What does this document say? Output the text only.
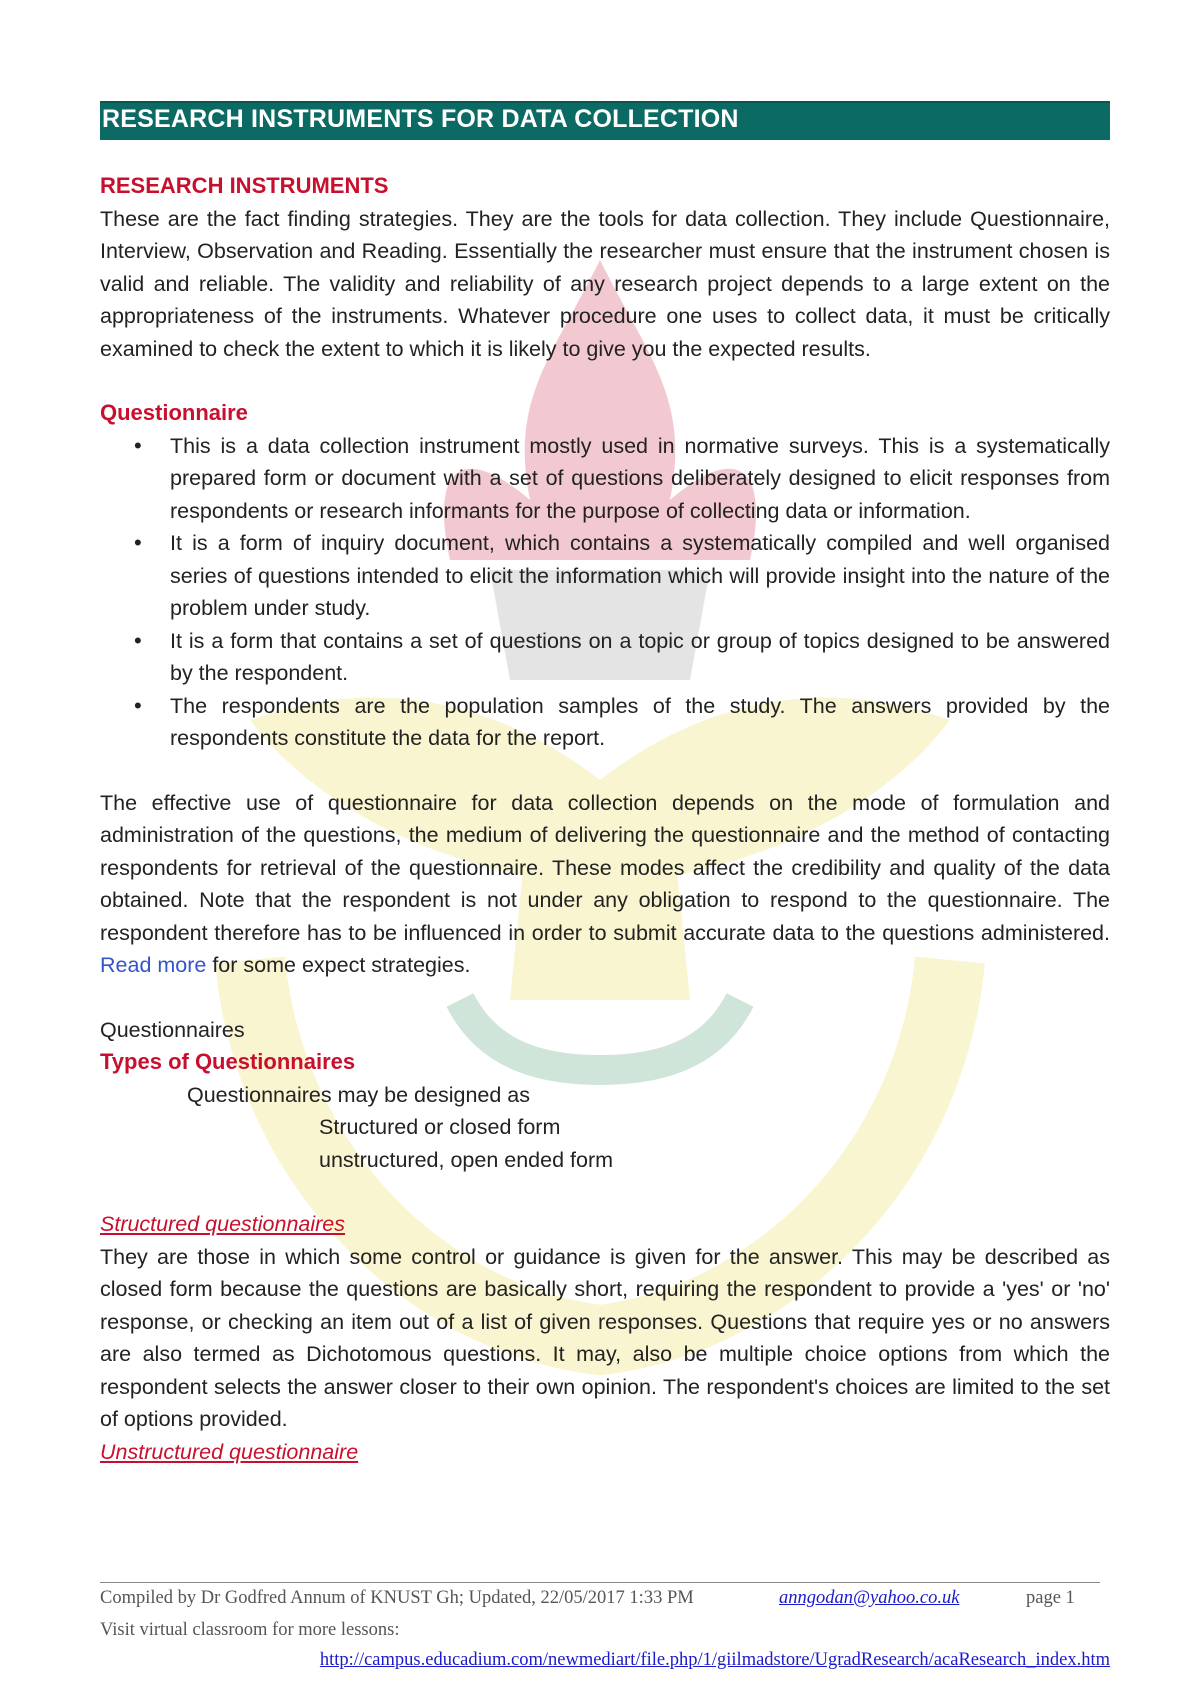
RESEARCH INSTRUMENTS FOR DATA COLLECTION
RESEARCH INSTRUMENTS

These are the fact finding strategies. They are the tools for data collection. They include Questionnaire, Interview, Observation and Reading. Essentially the researcher must ensure that the instrument chosen is valid and reliable. The validity and reliability of any research project depends to a large extent on the appropriateness of the instruments. Whatever procedure one uses to collect data, it must be critically examined to check the extent to which it is likely to give you the expected results.

Questionnaire
• This is a data collection instrument mostly used in normative surveys. This is a systematically prepared form or document with a set of questions deliberately designed to elicit responses from respondents or research informants for the purpose of collecting data or information.
• It is a form of inquiry document, which contains a systematically compiled and well organised series of questions intended to elicit the information which will provide insight into the nature of the problem under study.
• It is a form that contains a set of questions on a topic or group of topics designed to be answered by the respondent.
• The respondents are the population samples of the study. The answers provided by the respondents constitute the data for the report.

The effective use of questionnaire for data collection depends on the mode of formulation and administration of the questions, the medium of delivering the questionnaire and the method of contacting respondents for retrieval of the questionnaire. These modes affect the credibility and quality of the data obtained. Note that the respondent is not under any obligation to respond to the questionnaire. The respondent therefore has to be influenced in order to submit accurate data to the questions administered. Read more for some expect strategies.

Questionnaires
Types of Questionnaires
Questionnaires may be designed as
Structured or closed form
unstructured, open ended form
Structured questionnaires

They are those in which some control or guidance is given for the answer. This may be described as closed form because the questions are basically short, requiring the respondent to provide a 'yes' or 'no' response, or checking an item out of a list of given responses. Questions that require yes or no answers are also termed as Dichotomous questions. It may, also be multiple choice options from which the respondent selects the answer closer to their own opinion. The respondent's choices are limited to the set of options provided.

Unstructured questionnaire
Compiled by Dr Godfred Annum of KNUST Gh; Updated, 22/05/2017 1:33 PM	anngodan@yahoo.co.uk	page 1
Visit virtual classroom for more lessons:
http://campus.educadium.com/newmediart/file.php/1/giilmadstore/UgradResearch/acaResearch_index.htm
